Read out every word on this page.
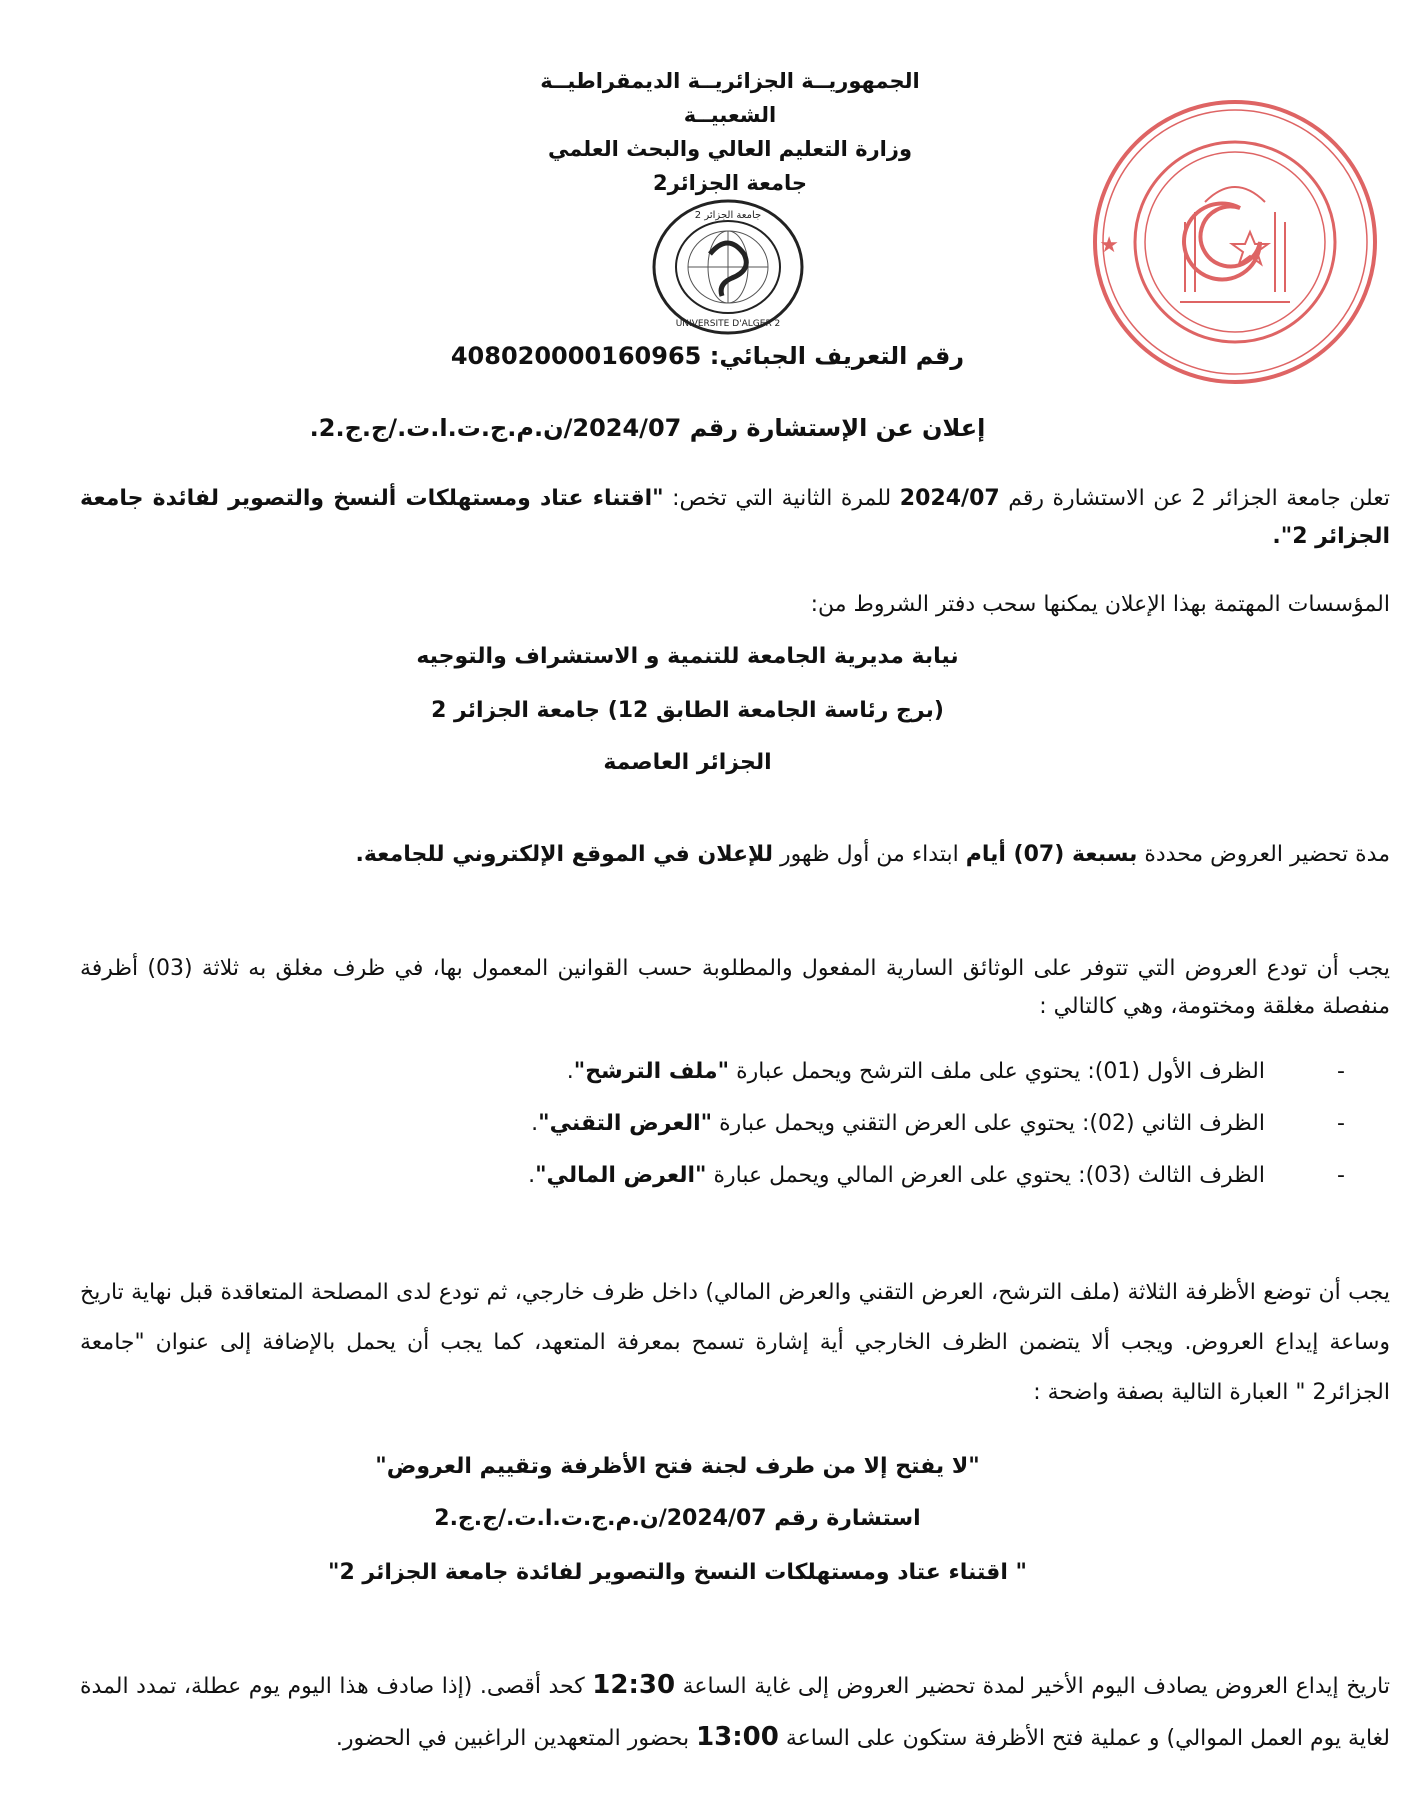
الجمهوريــة الجزائريــة الديمقراطيــة الشعبيــة
وزارة التعليم العالي والبحث العلمي
جامعة الجزائر2
جامعة الجزائر 2
UNIVERSITE D'ALGER 2
★
رقم التعريف الجبائي: 408020000160965
إعلان عن الإستشارة رقم 2024/07/ن.م.ج.ت.ا.ت./ج.ج.2.
تعلن جامعة الجزائر 2 عن الاستشارة رقم 2024/07 للمرة الثانية التي تخص: "اقتناء عتاد ومستهلكات ألنسخ والتصوير لفائدة جامعة الجزائر 2".
المؤسسات المهتمة بهذا الإعلان يمكنها سحب دفتر الشروط من:
نيابة مديرية الجامعة للتنمية و الاستشراف والتوجيه
(برج رئاسة الجامعة الطابق 12) جامعة الجزائر 2
الجزائر العاصمة
مدة تحضير العروض محددة بسبعة (07) أيام ابتداء من أول ظهور للإعلان في الموقع الإلكتروني للجامعة.
يجب أن تودع العروض التي تتوفر على الوثائق السارية المفعول والمطلوبة حسب القوانين المعمول بها، في ظرف مغلق به ثلاثة (03) أظرفة منفصلة مغلقة ومختومة، وهي كالتالي :
-
الظرف الأول (01): يحتوي على ملف الترشح ويحمل عبارة "ملف الترشح".
-
الظرف الثاني (02): يحتوي على العرض التقني ويحمل عبارة "العرض التقني".
-
الظرف الثالث (03): يحتوي على العرض المالي ويحمل عبارة "العرض المالي".
يجب أن توضع الأظرفة الثلاثة (ملف الترشح، العرض التقني والعرض المالي) داخل ظرف خارجي، ثم تودع لدى المصلحة المتعاقدة قبل نهاية تاريخ وساعة إيداع العروض. ويجب ألا يتضمن الظرف الخارجي أية إشارة تسمح بمعرفة المتعهد، كما يجب أن يحمل بالإضافة إلى عنوان "جامعة الجزائر2 " العبارة التالية بصفة واضحة :
"لا يفتح إلا من طرف لجنة فتح الأظرفة وتقييم العروض"
استشارة رقم 2024/07/ن.م.ج.ت.ا.ت./ج.ج.2
" اقتناء عتاد ومستهلكات النسخ والتصوير لفائدة جامعة الجزائر 2"
تاريخ إيداع العروض يصادف اليوم الأخير لمدة تحضير العروض إلى غاية الساعة 12:30 كحد أقصى. (إذا صادف هذا اليوم يوم عطلة، تمدد المدة لغاية يوم العمل الموالي) و عملية فتح الأظرفة ستكون على الساعة 13:00 بحضور المتعهدين الراغبين في الحضور.
